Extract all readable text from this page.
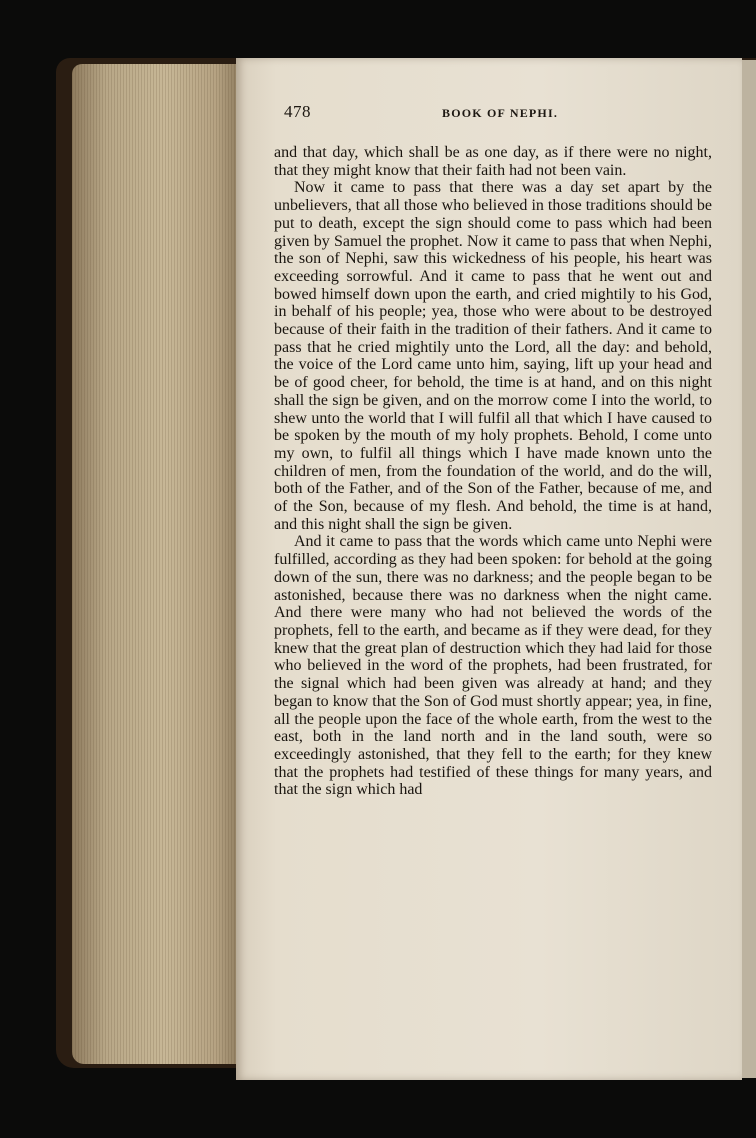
478	BOOK OF NEPHI.

and that day, which shall be as one day, as if there were no night, that they might know that their faith had not been vain.

Now it came to pass that there was a day set apart by the unbelievers, that all those who believed in those traditions should be put to death, except the sign should come to pass which had been given by Samuel the prophet. Now it came to pass that when Nephi, the son of Nephi, saw this wickedness of his people, his heart was exceeding sorrowful. And it came to pass that he went out and bowed himself down upon the earth, and cried mightily to his God, in behalf of his people; yea, those who were about to be destroyed because of their faith in the tradition of their fathers. And it came to pass that he cried mightily unto the Lord, all the day: and behold, the voice of the Lord came unto him, saying, lift up your head and be of good cheer, for behold, the time is at hand, and on this night shall the sign be given, and on the morrow come I into the world, to shew unto the world that I will fulfil all that which I have caused to be spoken by the mouth of my holy prophets. Behold, I come unto my own, to fulfil all things which I have made known unto the children of men, from the foundation of the world, and do the will, both of the Father, and of the Son of the Father, because of me, and of the Son, because of my flesh. And behold, the time is at hand, and this night shall the sign be given.

And it came to pass that the words which came unto Nephi were fulfilled, according as they had been spoken: for behold at the going down of the sun, there was no darkness; and the people began to be astonished, because there was no darkness when the night came. And there were many who had not believed the words of the prophets, fell to the earth, and became as if they were dead, for they knew that the great plan of destruction which they had laid for those who believed in the word of the prophets, had been frustrated, for the signal which had been given was already at hand; and they began to know that the Son of God must shortly appear; yea, in fine, all the people upon the face of the whole earth, from the west to the east, both in the land north and in the land south, were so exceedingly astonished, that they fell to the earth; for they knew that the prophets had testified of these things for many years, and that the sign which had
